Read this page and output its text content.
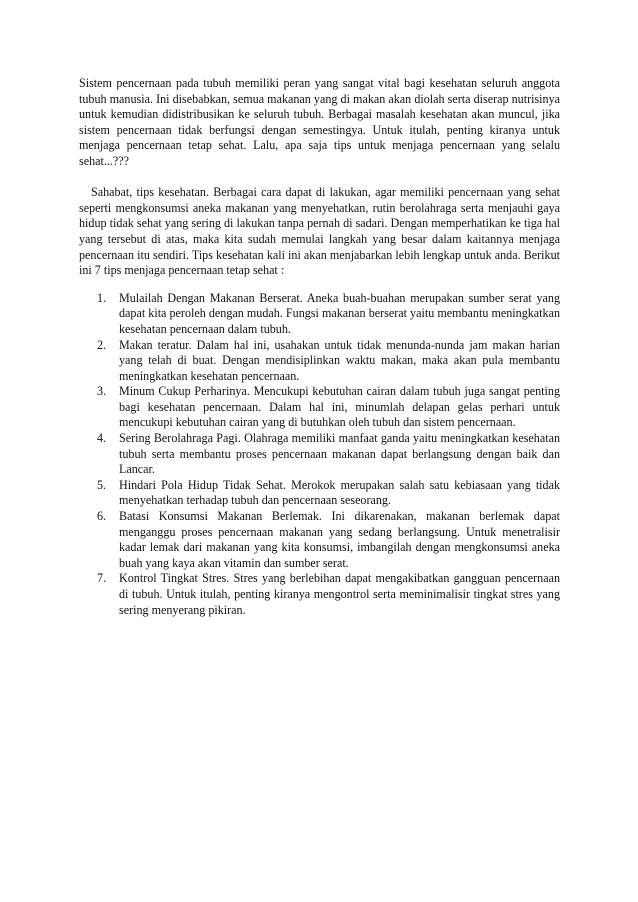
Sistem pencernaan pada tubuh memiliki peran yang sangat vital bagi kesehatan seluruh anggota tubuh manusia. Ini disebabkan, semua makanan yang di makan akan diolah serta diserap nutrisinya untuk kemudian didistribusikan ke seluruh tubuh. Berbagai masalah kesehatan akan muncul, jika sistem pencernaan tidak berfungsi dengan semestingya. Untuk itulah, penting kiranya untuk menjaga pencernaan tetap sehat. Lalu, apa saja tips untuk menjaga pencernaan yang selalu sehat...???

Sahabat, tips kesehatan. Berbagai cara dapat di lakukan, agar memiliki pencernaan yang sehat seperti mengkonsumsi aneka makanan yang menyehatkan, rutin berolahraga serta menjauhi gaya hidup tidak sehat yang sering di lakukan tanpa pernah di sadari. Dengan memperhatikan ke tiga hal yang tersebut di atas, maka kita sudah memulai langkah yang besar dalam kaitannya menjaga pencernaan itu sendiri. Tips kesehatan kali ini akan menjabarkan lebih lengkap untuk anda. Berikut ini 7 tips menjaga pencernaan tetap sehat :

1. Mulailah Dengan Makanan Berserat. Aneka buah-buahan merupakan sumber serat yang dapat kita peroleh dengan mudah. Fungsi makanan berserat yaitu membantu meningkatkan kesehatan pencernaan dalam tubuh.
2. Makan teratur. Dalam hal ini, usahakan untuk tidak menunda-nunda jam makan harian yang telah di buat. Dengan mendisiplinkan waktu makan, maka akan pula membantu meningkatkan kesehatan pencernaan.
3. Minum Cukup Perharinya. Mencukupi kebutuhan cairan dalam tubuh juga sangat penting bagi kesehatan pencernaan. Dalam hal ini, minumlah delapan gelas perhari untuk mencukupi kebutuhan cairan yang di butuhkan oleh tubuh dan sistem pencernaan.
4. Sering Berolahraga Pagi. Olahraga memiliki manfaat ganda yaitu meningkatkan kesehatan tubuh serta membantu proses pencernaan makanan dapat berlangsung dengan baik dan Lancar.
5. Hindari Pola Hidup Tidak Sehat. Merokok merupakan salah satu kebiasaan yang tidak menyehatkan terhadap tubuh dan pencernaan seseorang.
6. Batasi Konsumsi Makanan Berlemak. Ini dikarenakan, makanan berlemak dapat menganggu proses pencernaan makanan yang sedang berlangsung. Untuk menetralisir kadar lemak dari makanan yang kita konsumsi, imbangilah dengan mengkonsumsi aneka buah yang kaya akan vitamin dan sumber serat.
7. Kontrol Tingkat Stres. Stres yang berlebihan dapat mengakibatkan gangguan pencernaan di tubuh. Untuk itulah, penting kiranya mengontrol serta meminimalisir tingkat stres yang sering menyerang pikiran.
